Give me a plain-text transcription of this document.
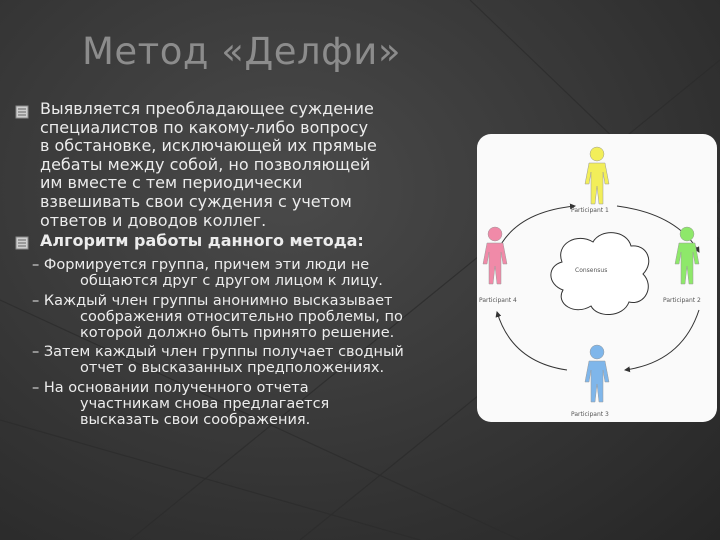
Метод «Делфи»
Выявляется преобладающее суждение
специалистов по какому-либо вопросу
в обстановке, исключающей их прямые
дебаты между собой, но позволяющей
им вместе с тем периодически
взвешивать свои суждения с учетом
ответов и доводов коллег.
Алгоритм работы данного метода:
– Формируется группа, причем эти люди не
общаются друг с другом лицом к лицу.
– Каждый член группы анонимно высказывает
соображения относительно проблемы, по
которой должно быть принято решение.
– Затем каждый член группы получает сводный
отчет о высказанных предположениях.
– На основании полученного отчета
участникам снова предлагается
высказать свои соображения.
Consensus
Participant 1
Participant 2
Participant 3
Participant 4
